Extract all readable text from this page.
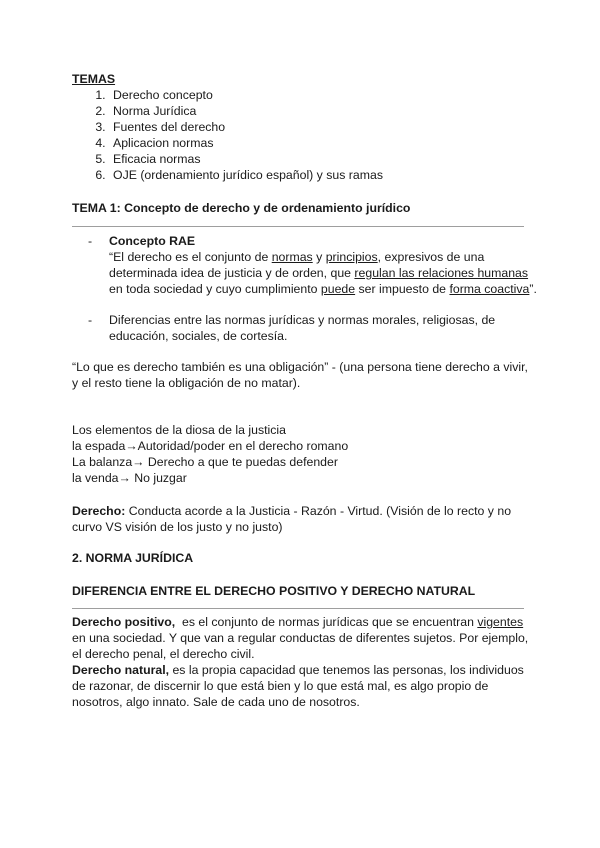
TEMAS
1. Derecho concepto
2. Norma Jurídica
3. Fuentes del derecho
4. Aplicacion normas
5. Eficacia normas
6. OJE (ordenamiento jurídico español) y sus ramas
TEMA 1: Concepto de derecho y de ordenamiento jurídico
- Concepto RAE
“El derecho es el conjunto de normas y principios, expresivos de una
determinada idea de justicia y de orden, que regulan las relaciones humanas
en toda sociedad y cuyo cumplimiento puede ser impuesto de forma coactiva”.
- Diferencias entre las normas jurídicas y normas morales, religiosas, de
educación, sociales, de cortesía.
“Lo que es derecho también es una obligación” - (una persona tiene derecho a vivir,
y el resto tiene la obligación de no matar).
Los elementos de la diosa de la justicia
la espada→Autoridad/poder en el derecho romano
La balanza→ Derecho a que te puedas defender
la venda→ No juzgar
Derecho: Conducta acorde a la Justicia - Razón - Virtud. (Visión de lo recto y no
curvo VS visión de los justo y no justo)
2. NORMA JURÍDICA
DIFERENCIA ENTRE EL DERECHO POSITIVO Y DERECHO NATURAL
Derecho positivo,  es el conjunto de normas jurídicas que se encuentran vigentes
en una sociedad. Y que van a regular conductas de diferentes sujetos. Por ejemplo,
el derecho penal, el derecho civil.
Derecho natural, es la propia capacidad que tenemos las personas, los individuos
de razonar, de discernir lo que está bien y lo que está mal, es algo propio de
nosotros, algo innato. Sale de cada uno de nosotros.
